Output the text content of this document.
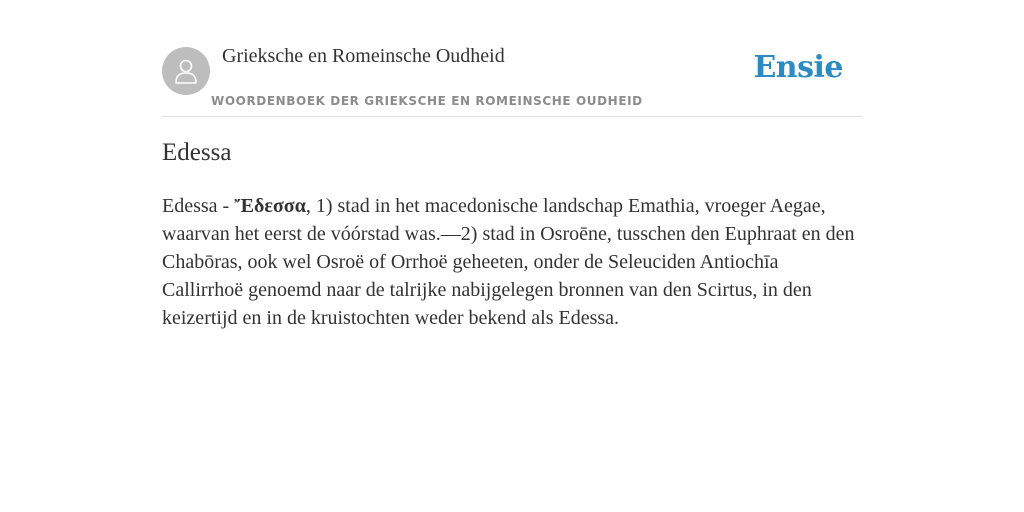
Grieksche en Romeinsche Oudheid
WOORDENBOEK DER GRIEKSCHE EN ROMEINSCHE OUDHEID
Ensie
Edessa

Edessa - Ἔδεσσα, 1) stad in het macedonische landschap Emathia, vroeger Aegae, waarvan het eerst de vóórstad was.—2) stad in Osroēne, tusschen den Euphraat en den Chabōras, ook wel Osroë of Orrhoë geheeten, onder de Seleuciden Antiochīa Callirrhoë genoemd naar de talrijke nabijgelegen bronnen van den Scirtus, in den keizertijd en in de kruistochten weder bekend als Edessa.
